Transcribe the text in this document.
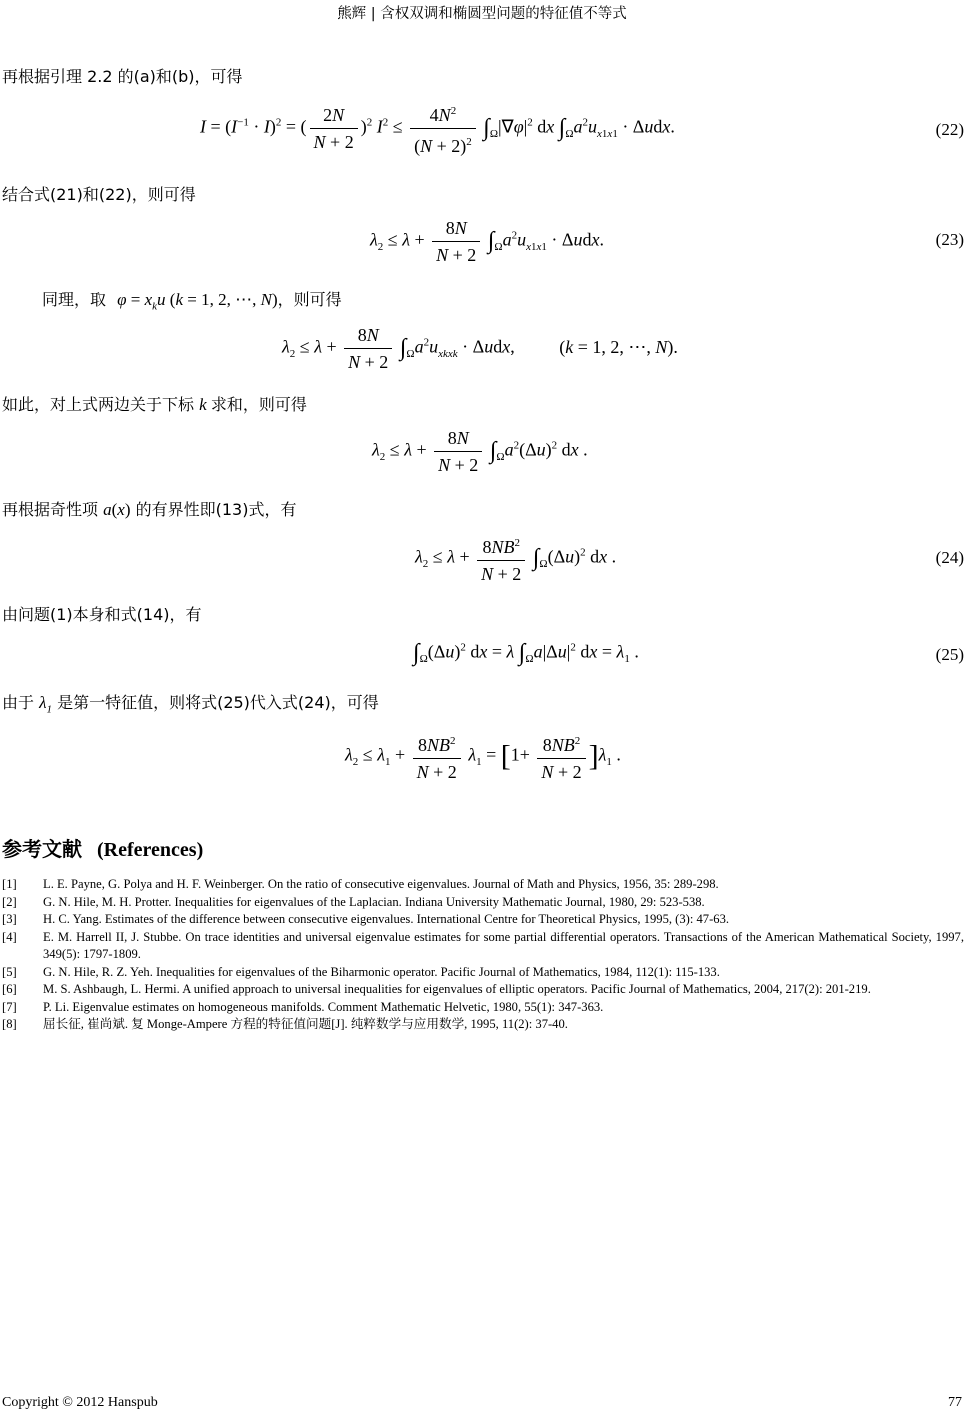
熊辉 | 含权双调和椭圆型问题的特征值不等式
再根据引理 2.2 的(a)和(b)，可得
$I = (I^{-1} \cdot I)^2$ = ( $\frac{2N}{N + 2} )^2$ $I^2 \le \frac{4N^2}{(N + 2)^2} \int_\Omega|\nabla\varphi|^2$ dx $\int_\Omega a^2u_{x1x1} \cdot \Delta udx$.	(22)
结合式(21)和(22)，则可得
$\lambda_2 \le \lambda + \frac{8N}{N + 2} \int_\Omega a^2u_{x1x1} \cdot \Delta udx$.	(23)
同理，取 $\varphi = x_ku$ (k = 1, 2, ⋯, N)，则可得
$\lambda_2 \le \lambda + \frac{8N}{N + 2} \int_\Omega a^2u_{xkxk} \cdot \Delta udx$, (k = 1, 2, ⋯, N).
如此，对上式两边关于下标 k 求和，则可得
$\lambda_2 \le \lambda + \frac{8N}{N + 2} \int_\Omega a^2(\Delta u)^2$ dx .
再根据奇性项 a(x) 的有界性即(13)式，有
$\lambda_2 \le \lambda + \frac{8NB^2}{N + 2} \int_\Omega(\Delta u)^2$ dx .	(24)
由问题(1)本身和式(14)，有
$\int_\Omega(\Delta u)^2$ dx = λ $\int_\Omega a|\Delta u|^2$ dx = $\lambda_1$ .	(25)
由于 $\lambda_1$ 是第一特征值，则将式(25)代入式(24)，可得
$\lambda_2 \le \lambda_1 + \frac{8NB^2}{N + 2} \lambda_1 = [1+ \frac{8NB^2}{N + 2} ]\lambda_1$ .
参考文献 (References)
[1]	L. E. Payne, G. Polya and H. F. Weinberger. On the ratio of consecutive eigenvalues. Journal of Math and Physics, 1956, 35: 289-298.
[2]	G. N. Hile, M. H. Protter. Inequalities for eigenvalues of the Laplacian. Indiana University Mathematic Journal, 1980, 29: 523-538.
[3]	H. C. Yang. Estimates of the difference between consecutive eigenvalues. International Centre for Theoretical Physics, 1995, (3): 47-63.
[4]	E. M. Harrell II, J. Stubbe. On trace identities and universal eigenvalue estimates for some partial differential operators. Transactions of the American Mathematical Society, 1997, 349(5): 1797-1809.
[5]	G. N. Hile, R. Z. Yeh. Inequalities for eigenvalues of the Biharmonic operator. Pacific Journal of Mathematics, 1984, 112(1): 115-133.
[6]	M. S. Ashbaugh, L. Hermi. A unified approach to universal inequalities for eigenvalues of elliptic operators. Pacific Journal of Mathematics, 2004, 217(2): 201-219.
[7]	P. Li. Eigenvalue estimates on homogeneous manifolds. Comment Mathematic Helvetic, 1980, 55(1): 347-363.
[8]	屈长征, 崔尚斌. 复 Monge-Ampere 方程的特征值问题[J]. 纯粹数学与应用数学, 1995, 11(2): 37-40.
Copyright © 2012 Hanspub	77
